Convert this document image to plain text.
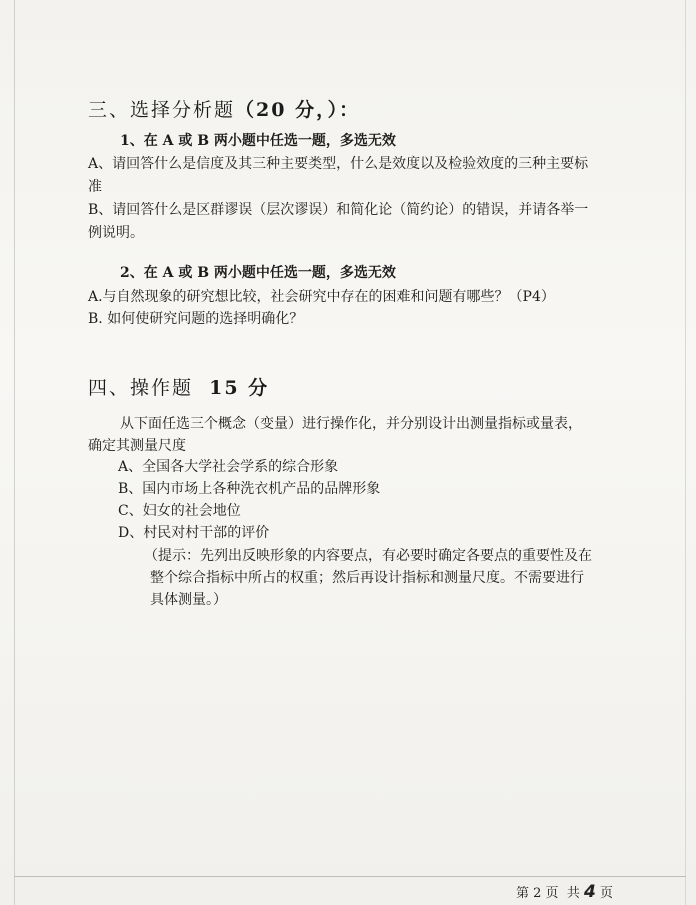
三、选择分析题（20 分，）：
1、在 A 或 B 两小题中任选一题，多选无效
A、请回答什么是信度及其三种主要类型，什么是效度以及检验效度的三种主要标
准
B、请回答什么是区群谬误（层次谬误）和简化论（简约论）的错误，并请各举一
例说明。
2、在 A 或 B 两小题中任选一题，多选无效
A.与自然现象的研究想比较，社会研究中存在的困难和问题有哪些？（P4）
B. 如何使研究问题的选择明确化？
四、操作题 15 分
从下面任选三个概念（变量）进行操作化，并分别设计出测量指标或量表，
确定其测量尺度
A、全国各大学社会学系的综合形象
B、国内市场上各种洗衣机产品的品牌形象
C、妇女的社会地位
D、村民对村干部的评价
（提示：先列出反映形象的内容要点，有必要时确定各要点的重要性及在
整个综合指标中所占的权重；然后再设计指标和测量尺度。不需要进行
具体测量。）
第 2 页 共 4 页
